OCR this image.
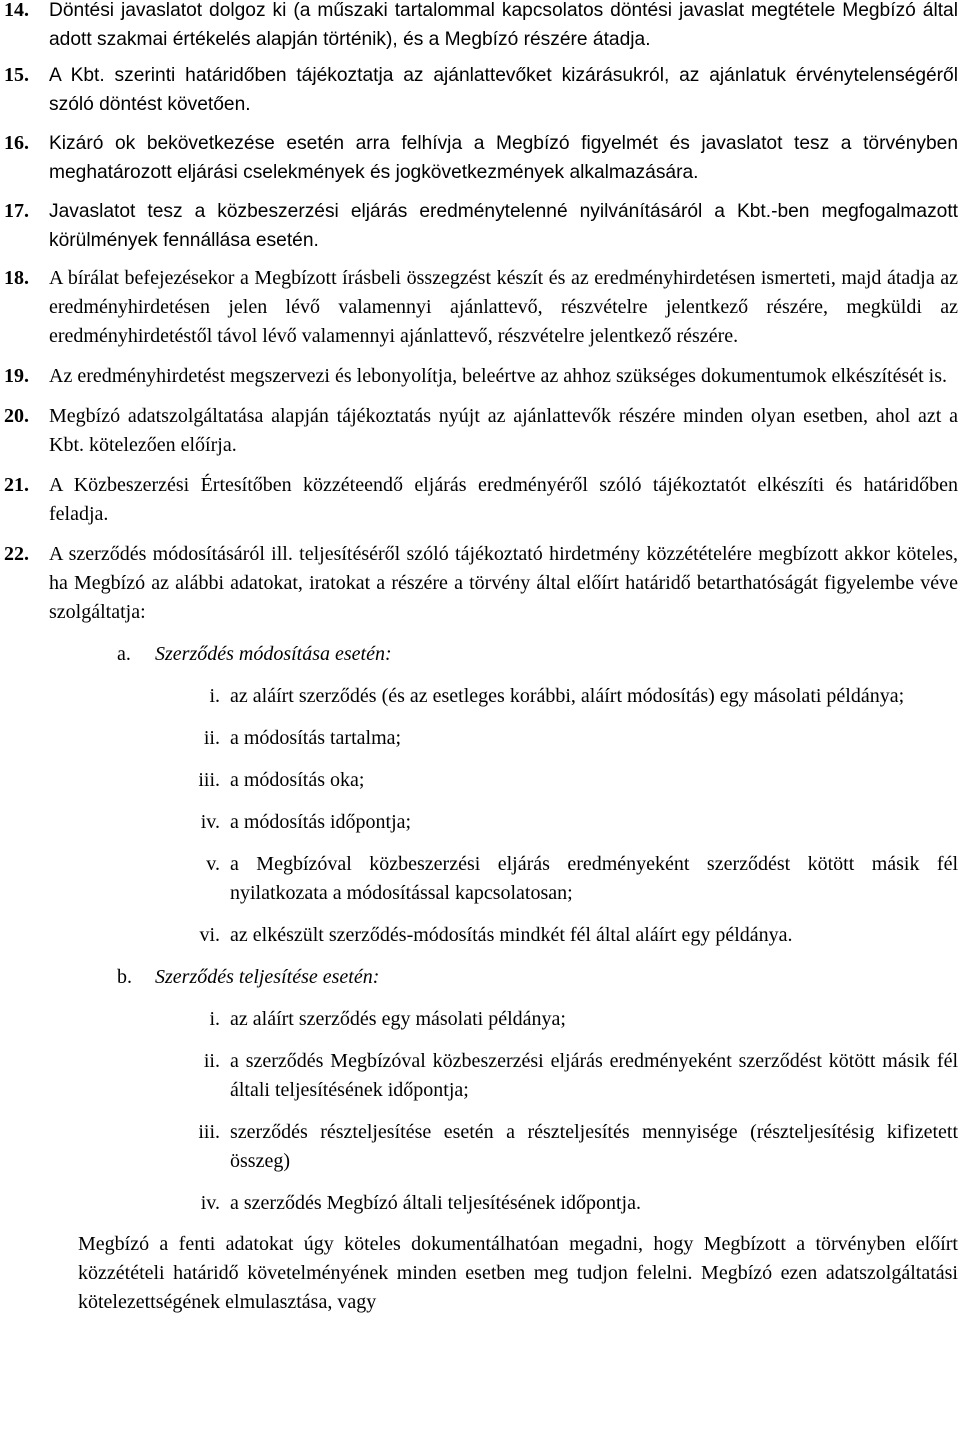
14.	Döntési javaslatot dolgoz ki (a műszaki tartalommal kapcsolatos döntési javaslat megtétele Megbízó által adott szakmai értékelés alapján történik), és a Megbízó részére átadja.
15.	A Kbt. szerinti határidőben tájékoztatja az ajánlattevőket kizárásukról, az ajánlatuk érvénytelenségéről szóló döntést követően.
16.	Kizáró ok bekövetkezése esetén arra felhívja a Megbízó figyelmét és javaslatot tesz a törvényben meghatározott eljárási cselekmények és jogkövetkezmények alkalmazására.
17.	Javaslatot tesz a közbeszerzési eljárás eredménytelenné nyilvánításáról a Kbt.-ben megfogalmazott körülmények fennállása esetén.
18.	A bírálat befejezésekor a Megbízott írásbeli összegzést készít és az eredményhirdetésen ismerteti, majd átadja az eredményhirdetésen jelen lévő valamennyi ajánlattevő, részvételre jelentkező részére, megküldi az eredményhirdetéstől távol lévő valamennyi ajánlattevő, részvételre jelentkező részére.
19.	Az eredményhirdetést megszervezi és lebonyolítja, beleértve az ahhoz szükséges dokumentumok elkészítését is.
20.	Megbízó adatszolgáltatása alapján tájékoztatás nyújt az ajánlattevők részére minden olyan esetben, ahol azt a Kbt. kötelezően előírja.
21.	A Közbeszerzési Értesítőben közzéteendő eljárás eredményéről szóló tájékoztatót elkészíti és határidőben feladja.
22.	A szerződés módosításáról ill. teljesítéséről szóló tájékoztató hirdetmény közzétételére megbízott akkor köteles, ha Megbízó az alábbi adatokat, iratokat a részére a törvény által előírt határidő betarthatóságát figyelembe véve szolgáltatja:
a.	Szerződés módosítása esetén:
i. az aláírt szerződés (és az esetleges korábbi, aláírt módosítás) egy másolati példánya;
ii. a módosítás tartalma;
iii. a módosítás oka;
iv. a módosítás időpontja;
v. a Megbízóval közbeszerzési eljárás eredményeként szerződést kötött másik fél nyilatkozata a módosítással kapcsolatosan;
vi. az elkészült szerződés-módosítás mindkét fél által aláírt egy példánya.
b.	Szerződés teljesítése esetén:
i. az aláírt szerződés egy másolati példánya;
ii. a szerződés Megbízóval közbeszerzési eljárás eredményeként szerződést kötött másik fél általi teljesítésének időpontja;
iii. szerződés részteljesítése esetén a részteljesítés mennyisége (részteljesítésig kifizetett összeg)
iv. a szerződés Megbízó általi teljesítésének időpontja.
Megbízó a fenti adatokat úgy köteles dokumentálhatóan megadni, hogy Megbízott a törvényben előírt közzétételi határidő követelményének minden esetben meg tudjon felelni. Megbízó ezen adatszolgáltatási kötelezettségének elmulasztása, vagy
